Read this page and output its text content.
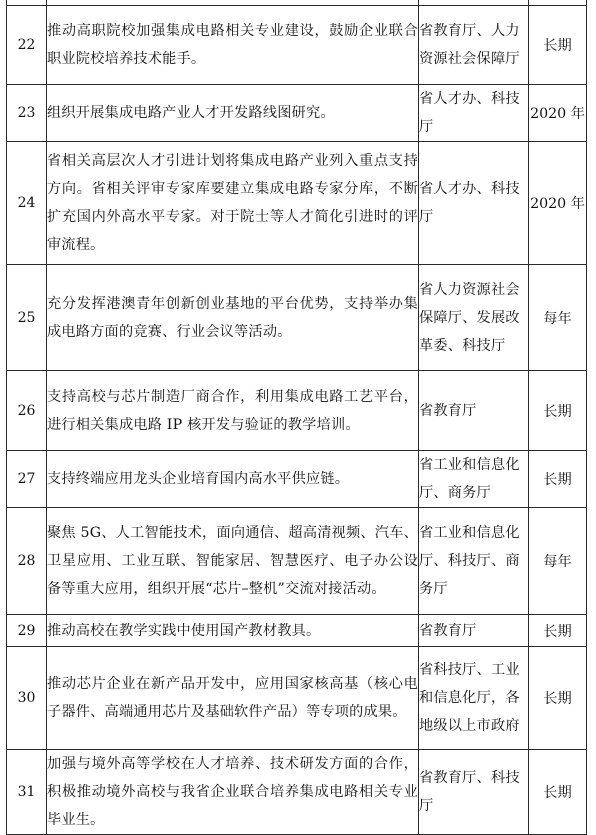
22	推动高职院校加强集成电路相关专业建设，鼓励企业联合职业院校培养技术能手。	省教育厅、人力资源社会保障厅	长期
23	组织开展集成电路产业人才开发路线图研究。	省人才办、科技厅	2020 年
24	省相关高层次人才引进计划将集成电路产业列入重点支持方向。省相关评审专家库要建立集成电路专家分库，不断扩充国内外高水平专家。对于院士等人才简化引进时的评审流程。	省人才办、科技厅	2020 年
25	充分发挥港澳青年创新创业基地的平台优势，支持举办集成电路方面的竞赛、行业会议等活动。	省人力资源社会保障厅、发展改革委、科技厅	每年
26	支持高校与芯片制造厂商合作，利用集成电路工艺平台，进行相关集成电路 IP 核开发与验证的教学培训。	省教育厅	长期
27	支持终端应用龙头企业培育国内高水平供应链。	省工业和信息化厅、商务厅	长期
28	聚焦 5G、人工智能技术，面向通信、超高清视频、汽车、卫星应用、工业互联、智能家居、智慧医疗、电子办公设备等重大应用，组织开展“芯片–整机”交流对接活动。	省工业和信息化厅、科技厅、商务厅	每年
29	推动高校在教学实践中使用国产教材教具。	省教育厅	长期
30	推动芯片企业在新产品开发中，应用国家核高基（核心电子器件、高端通用芯片及基础软件产品）等专项的成果。	省科技厅、工业和信息化厅，各地级以上市政府	长期
31	加强与境外高等学校在人才培养、技术研发方面的合作，积极推动境外高校与我省企业联合培养集成电路相关专业毕业生。	省教育厅、科技厅	长期
